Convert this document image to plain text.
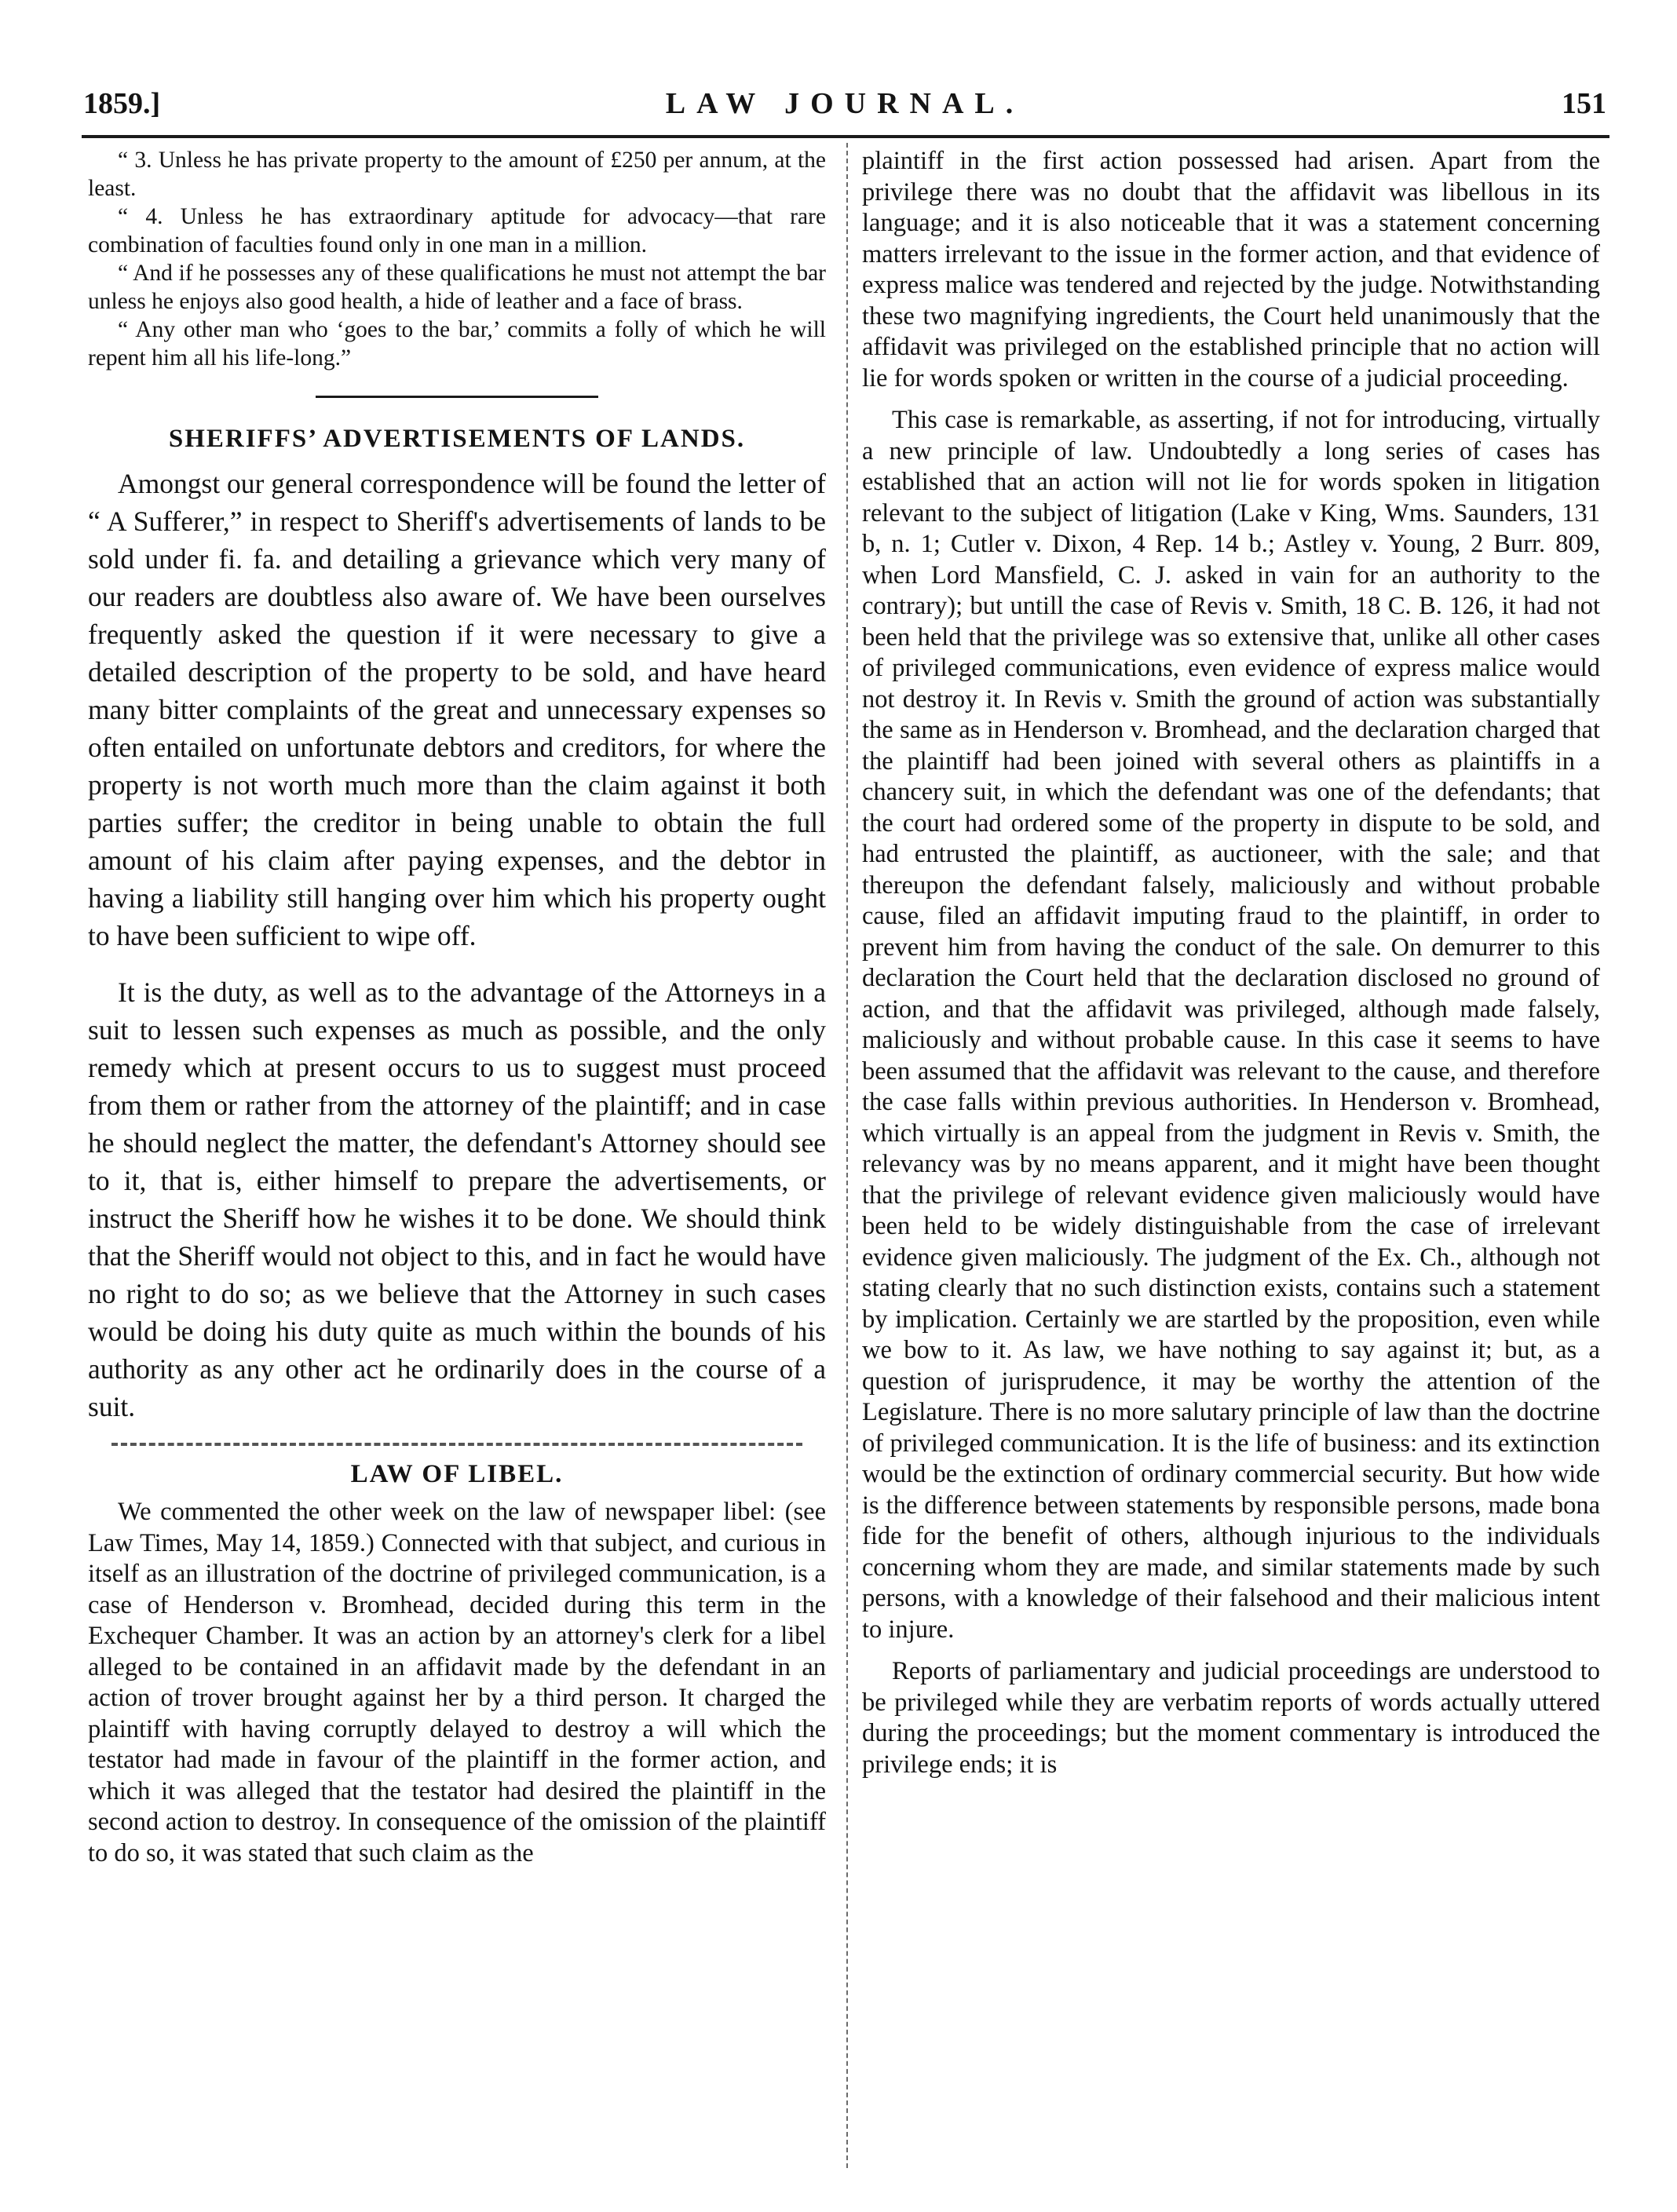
1859.]	LAW JOURNAL.	151

“ 3. Unless he has private property to the amount of £250 per annum, at the least.

“ 4. Unless he has extraordinary aptitude for advocacy—that rare combination of faculties found only in one man in a million.

“ And if he possesses any of these qualifications he must not attempt the bar unless he enjoys also good health, a hide of leather and a face of brass.

“ Any other man who ‘goes to the bar,’ commits a folly of which he will repent him all his life-long.”

SHERIFFS’ ADVERTISEMENTS OF LANDS.

Amongst our general correspondence will be found the letter of “ A Sufferer,” in respect to Sheriff's advertisements of lands to be sold under fi. fa. and detailing a grievance which very many of our readers are doubtless also aware of. We have been ourselves frequently asked the question if it were necessary to give a detailed description of the property to be sold, and have heard many bitter complaints of the great and unnecessary expenses so often entailed on unfortunate debtors and creditors, for where the property is not worth much more than the claim against it both parties suffer; the creditor in being unable to obtain the full amount of his claim after paying expenses, and the debtor in having a liability still hanging over him which his property ought to have been sufficient to wipe off.

It is the duty, as well as to the advantage of the Attorneys in a suit to lessen such expenses as much as possible, and the only remedy which at present occurs to us to suggest must proceed from them or rather from the attorney of the plaintiff; and in case he should neglect the matter, the defendant's Attorney should see to it, that is, either himself to prepare the advertisements, or instruct the Sheriff how he wishes it to be done. We should think that the Sheriff would not object to this, and in fact he would have no right to do so; as we believe that the Attorney in such cases would be doing his duty quite as much within the bounds of his authority as any other act he ordinarily does in the course of a suit.

LAW OF LIBEL.

We commented the other week on the law of newspaper libel: (see Law Times, May 14, 1859.) Connected with that subject, and curious in itself as an illustration of the doctrine of privileged communication, is a case of Henderson v. Bromhead, decided during this term in the Exchequer Chamber. It was an action by an attorney's clerk for a libel alleged to be contained in an affidavit made by the defendant in an action of trover brought against her by a third person. It charged the plaintiff with having corruptly delayed to destroy a will which the testator had made in favour of the plaintiff in the former action, and which it was alleged that the testator had desired the plaintiff in the second action to destroy. In consequence of the omission of the plaintiff to do so, it was stated that such claim as the

plaintiff in the first action possessed had arisen. Apart from the privilege there was no doubt that the affidavit was libellous in its language; and it is also noticeable that it was a statement concerning matters irrelevant to the issue in the former action, and that evidence of express malice was tendered and rejected by the judge. Notwithstanding these two magnifying ingredients, the Court held unanimously that the affidavit was privileged on the established principle that no action will lie for words spoken or written in the course of a judicial proceeding.

This case is remarkable, as asserting, if not for introducing, virtually a new principle of law. Undoubtedly a long series of cases has established that an action will not lie for words spoken in litigation relevant to the subject of litigation (Lake v King, Wms. Saunders, 131 b, n. 1; Cutler v. Dixon, 4 Rep. 14 b.; Astley v. Young, 2 Burr. 809, when Lord Mansfield, C. J. asked in vain for an authority to the contrary); but untill the case of Revis v. Smith, 18 C. B. 126, it had not been held that the privilege was so extensive that, unlike all other cases of privileged communications, even evidence of express malice would not destroy it. In Revis v. Smith the ground of action was substantially the same as in Henderson v. Bromhead, and the declaration charged that the plaintiff had been joined with several others as plaintiffs in a chancery suit, in which the defendant was one of the defendants; that the court had ordered some of the property in dispute to be sold, and had entrusted the plaintiff, as auctioneer, with the sale; and that thereupon the defendant falsely, maliciously and without probable cause, filed an affidavit imputing fraud to the plaintiff, in order to prevent him from having the conduct of the sale. On demurrer to this declaration the Court held that the declaration disclosed no ground of action, and that the affidavit was privileged, although made falsely, maliciously and without probable cause. In this case it seems to have been assumed that the affidavit was relevant to the cause, and therefore the case falls within previous authorities. In Henderson v. Bromhead, which virtually is an appeal from the judgment in Revis v. Smith, the relevancy was by no means apparent, and it might have been thought that the privilege of relevant evidence given maliciously would have been held to be widely distinguishable from the case of irrelevant evidence given maliciously. The judgment of the Ex. Ch., although not stating clearly that no such distinction exists, contains such a statement by implication. Certainly we are startled by the proposition, even while we bow to it. As law, we have nothing to say against it; but, as a question of jurisprudence, it may be worthy the attention of the Legislature. There is no more salutary principle of law than the doctrine of privileged communication. It is the life of business: and its extinction would be the extinction of ordinary commercial security. But how wide is the difference between statements by responsible persons, made bona fide for the benefit of others, although injurious to the individuals concerning whom they are made, and similar statements made by such persons, with a knowledge of their falsehood and their malicious intent to injure.

Reports of parliamentary and judicial proceedings are understood to be privileged while they are verbatim reports of words actually uttered during the proceedings; but the moment commentary is introduced the privilege ends; it is
